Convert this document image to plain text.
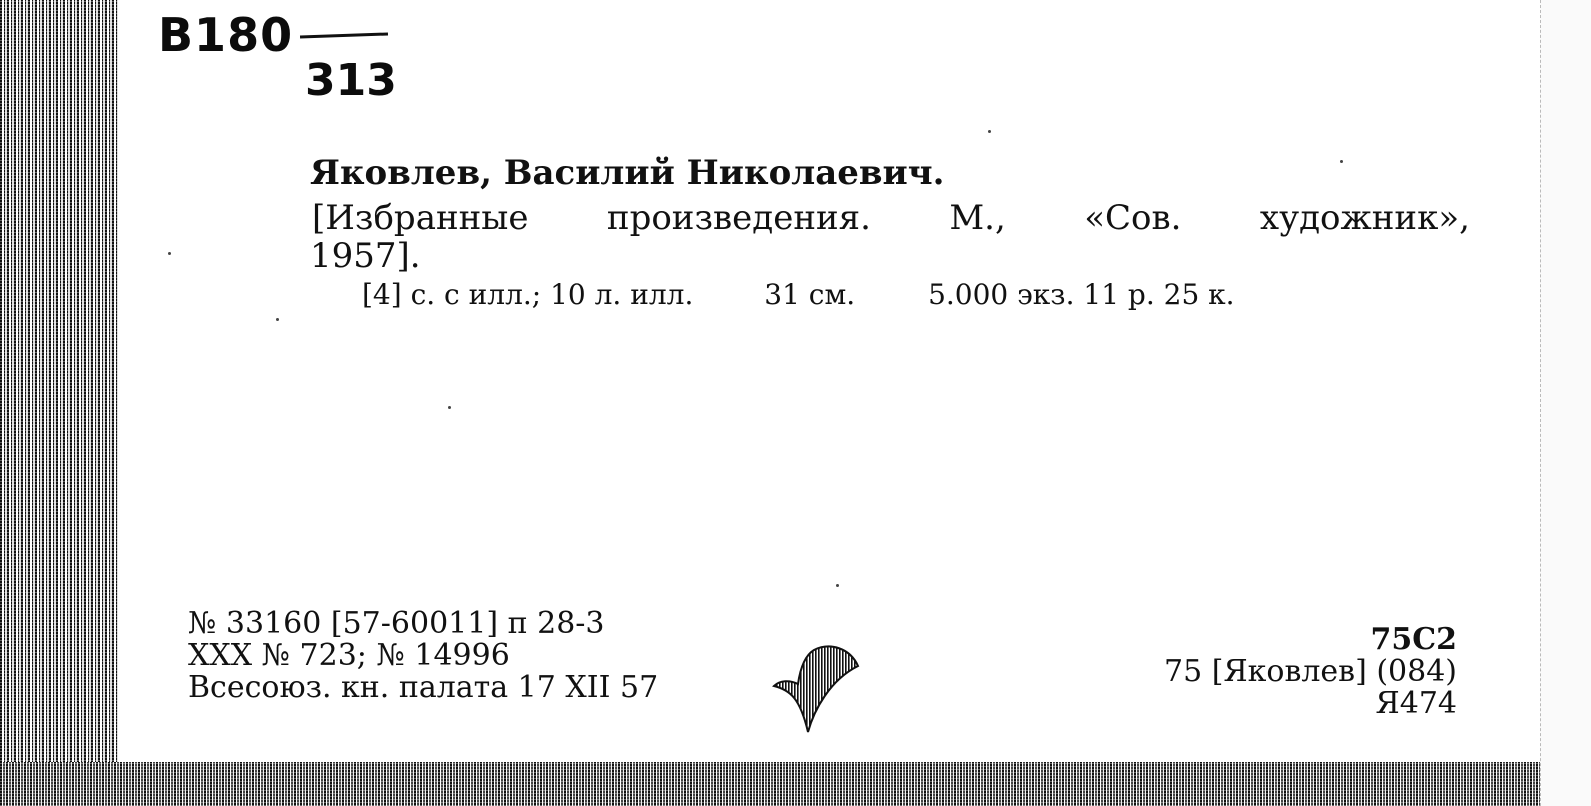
B180
313
Яковлев, Василий Николаевич.
[Избранные произведения. М., «Сов. художник»,
1957].
[4] с. с илл.; 10 л. илл.	31 см.	5.000 экз. 11 р. 25 к.
№ 33160 [57-60011] п 28-3
XXX № 723; № 14996
Всесоюз. кн. палата 17 XII 57
75С2
75 [Яковлев] (084)
Я474
